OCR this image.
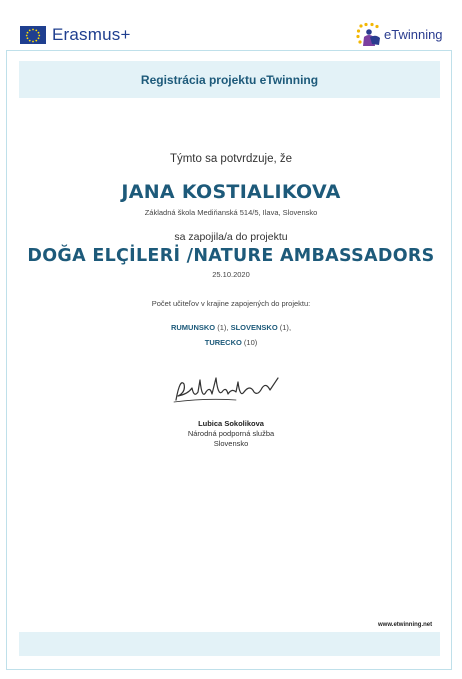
Erasmus+	eTwinning
Registrácia projektu eTwinning
Týmto sa potvrdzuje, že
JANA KOSTIALIKOVA
Základná škola Mediňanská 514/5, Ilava, Slovensko
sa zapojila/a do projektu
DOĞA ELÇİLERİ /NATURE AMBASSADORS
25.10.2020
Počet učiteľov v krajine zapojených do projektu:
RUMUNSKO (1), SLOVENSKO (1),
TURECKO (10)
Lubica Sokolikova
Národná podporná služba
Slovensko
www.etwinning.net
